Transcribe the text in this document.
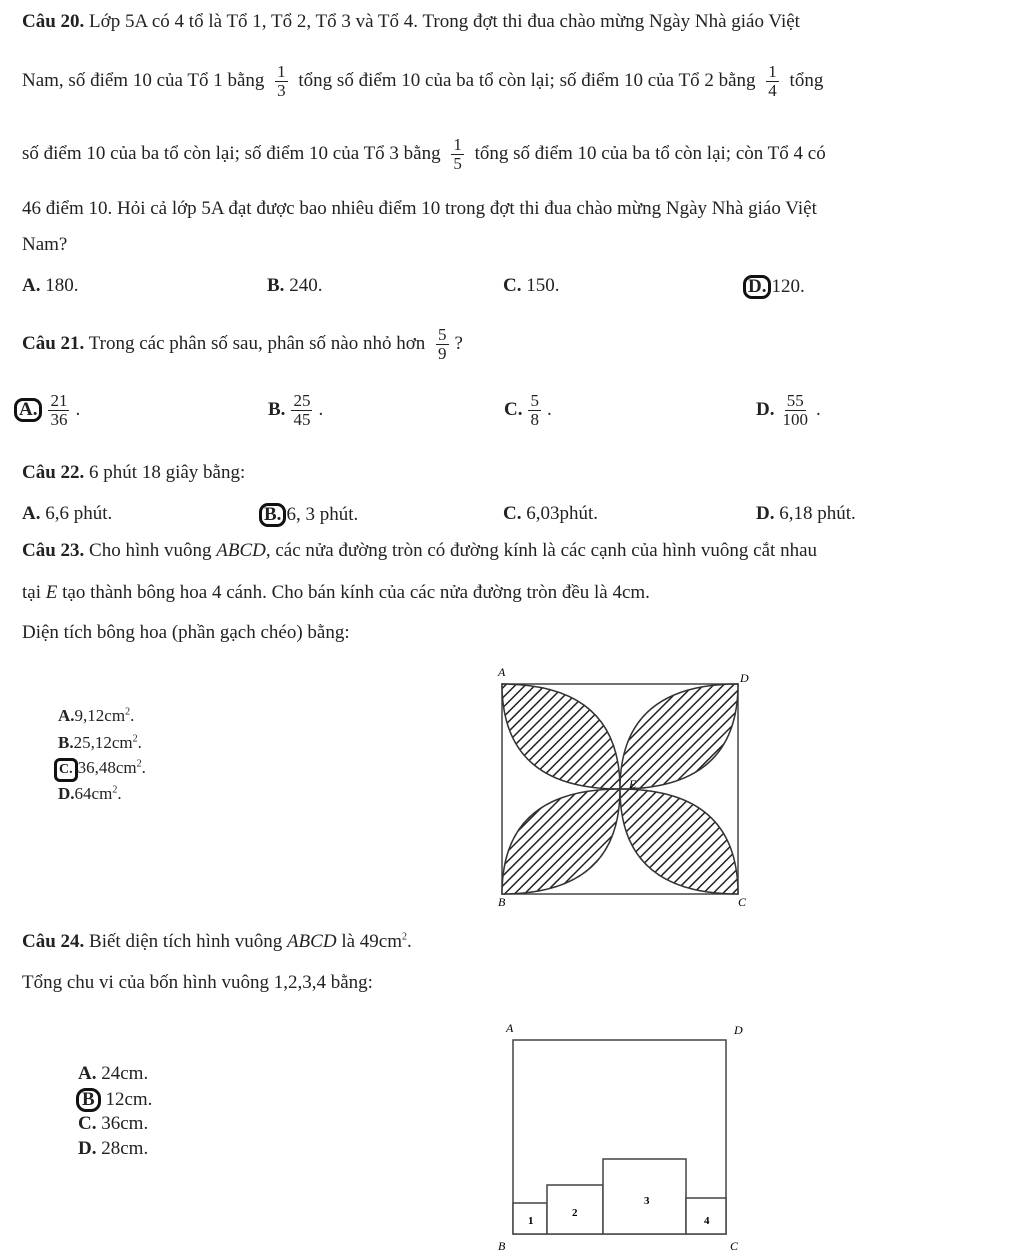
Câu 20. Lớp 5A có 4 tổ là Tổ 1, Tổ 2, Tổ 3 và Tổ 4. Trong đợt thi đua chào mừng Ngày Nhà giáo Việt
Nam, số điểm 10 của Tổ 1 bằng $\frac{1}{3}$ tổng số điểm 10 của ba tổ còn lại; số điểm 10 của Tổ 2 bằng $\frac{1}{4}$ tổng
số điểm 10 của ba tổ còn lại; số điểm 10 của Tổ 3 bằng $\frac{1}{5}$ tổng số điểm 10 của ba tổ còn lại; còn Tổ 4 có
46 điểm 10. Hỏi cả lớp 5A đạt được bao nhiêu điểm 10 trong đợt thi đua chào mừng Ngày Nhà giáo Việt
Nam?
A. 180.	B. 240.	C. 150.	D. 120.
Câu 21. Trong các phân số sau, phân số nào nhỏ hơn $\frac{5}{9}$ ?
A. $\frac{21}{36}$ .	B. $\frac{25}{45}$ .	C. $\frac{5}{8}$ .	D. $\frac{55}{100}$ .
Câu 22. 6 phút 18 giây bằng:
A. 6,6 phút.	B. 6, 3 phút.	C. 6,03phút.	D. 6,18 phút.
Câu 23. Cho hình vuông ABCD, các nửa đường tròn có đường kính là các cạnh của hình vuông cắt nhau
tại E tạo thành bông hoa 4 cánh. Cho bán kính của các nửa đường tròn đều là 4cm.
Diện tích bông hoa (phần gạch chéo) bằng:
$A.9,12cm^2$.
$B.25,12cm^2$.
C. $36,48cm^2$.
$D.64cm^2$.
A	D
B	C
E
Câu 24. Biết diện tích hình vuông ABCD là $49cm^2$.
Tổng chu vi của bốn hình vuông 1,2,3,4 bằng:
A. 24cm.
B 12cm.
C. 36cm.
D. 28cm.
A	D
B	C
1
2
3
4
